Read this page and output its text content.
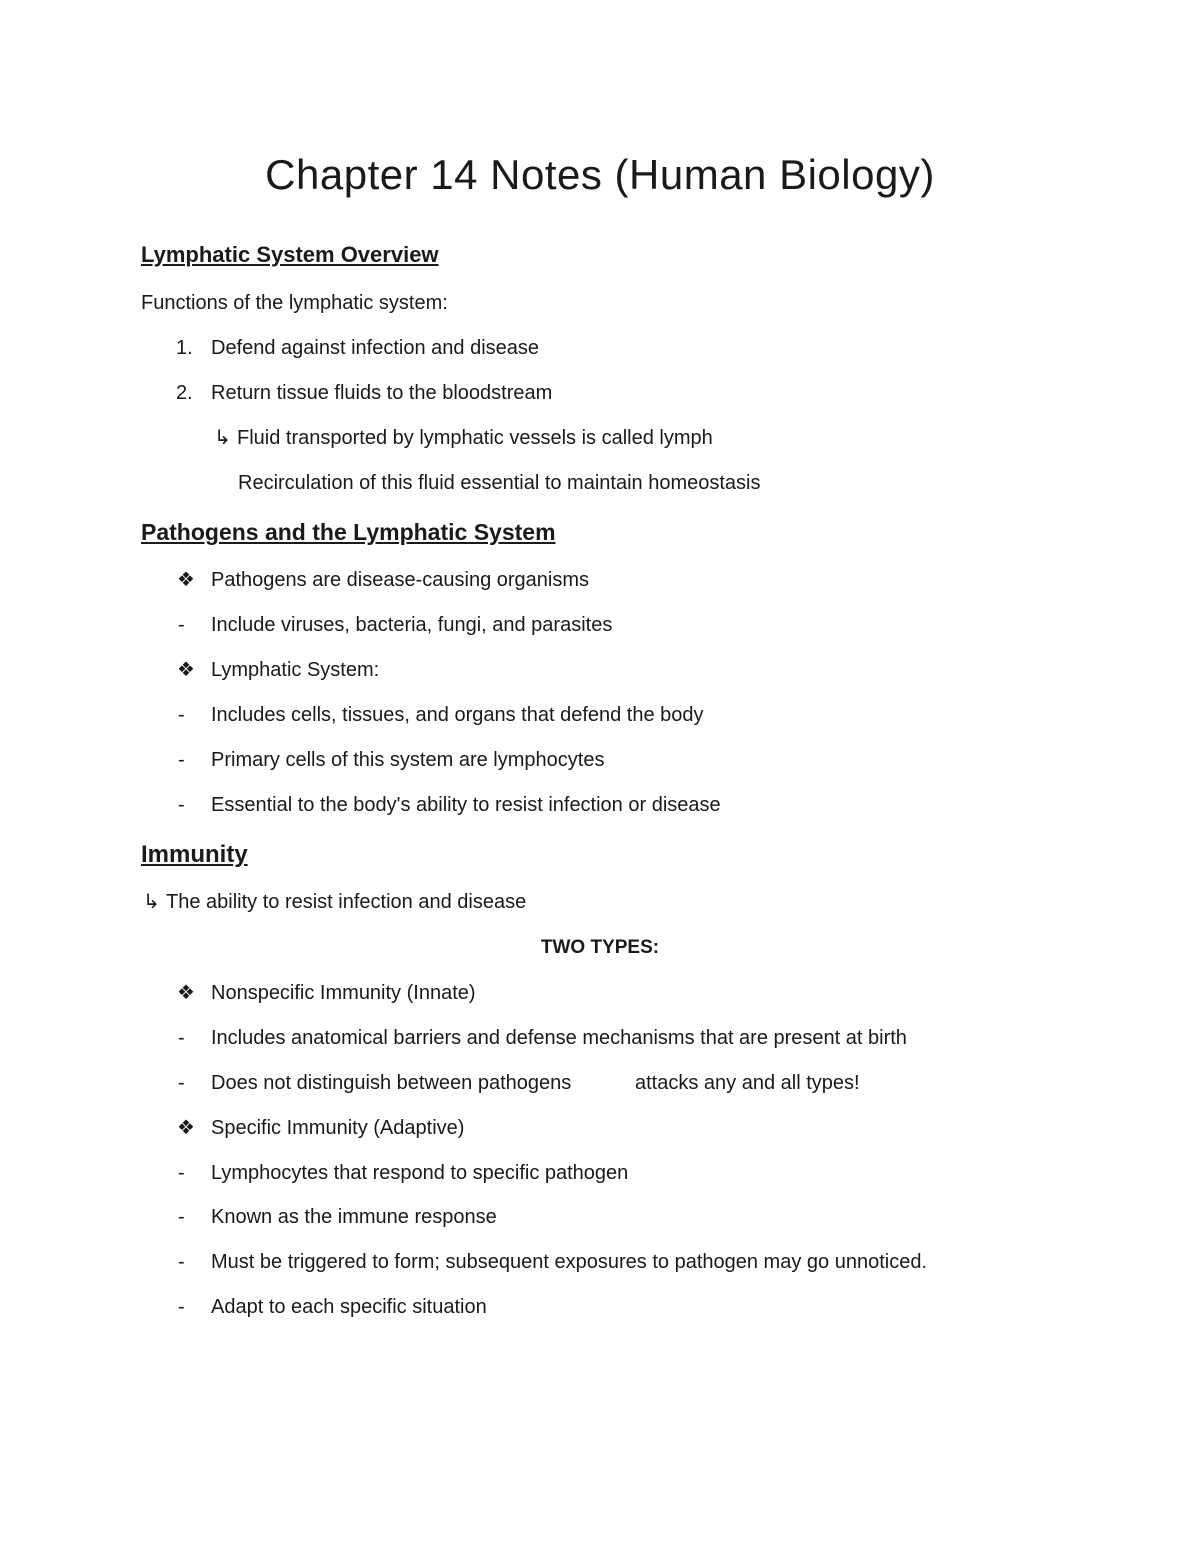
Chapter 14 Notes (Human Biology)
Lymphatic System Overview
Functions of the lymphatic system:
1. Defend against infection and disease
2. Return tissue fluids to the bloodstream
↳ Fluid transported by lymphatic vessels is called lymph
Recirculation of this fluid essential to maintain homeostasis
Pathogens and the Lymphatic System
❖ Pathogens are disease-causing organisms
- Include viruses, bacteria, fungi, and parasites
❖ Lymphatic System:
- Includes cells, tissues, and organs that defend the body
- Primary cells of this system are lymphocytes
- Essential to the body's ability to resist infection or disease
Immunity
↳ The ability to resist infection and disease
TWO TYPES:
❖ Nonspecific Immunity (Innate)
- Includes anatomical barriers and defense mechanisms that are present at birth
- Does not distinguish between pathogens	attacks any and all types!
❖ Specific Immunity (Adaptive)
- Lymphocytes that respond to specific pathogen
- Known as the immune response
- Must be triggered to form; subsequent exposures to pathogen may go unnoticed.
- Adapt to each specific situation
